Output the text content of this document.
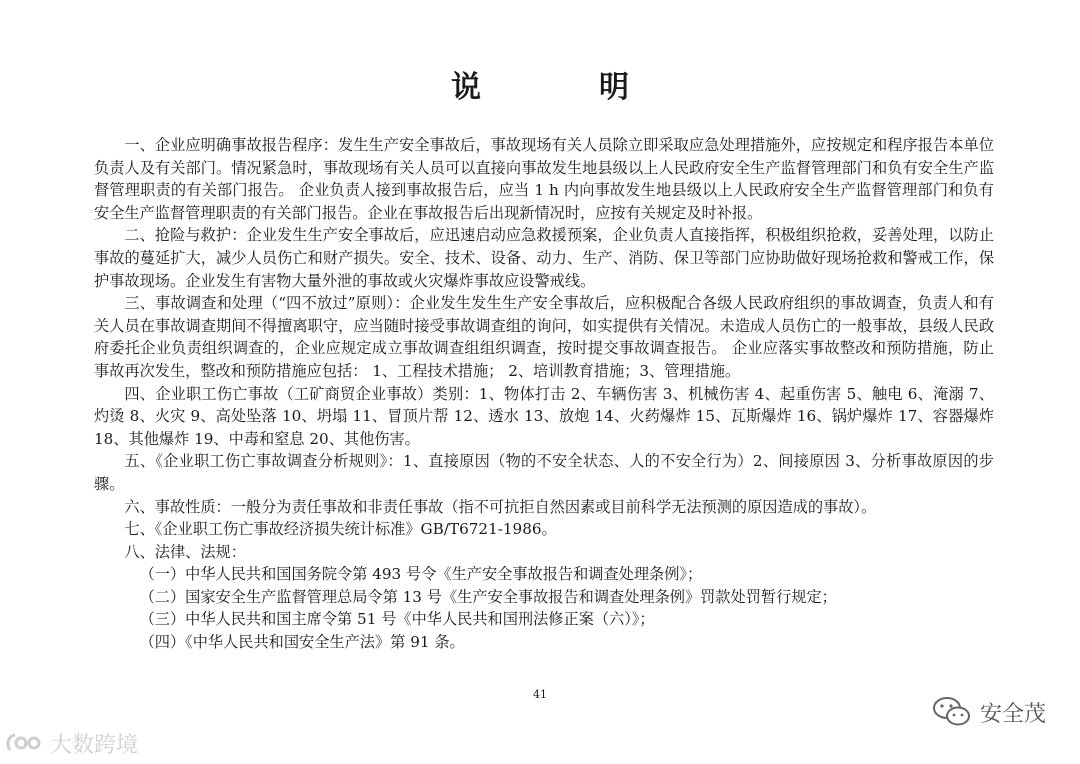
说　明

一、企业应明确事故报告程序：发生生产安全事故后，事故现场有关人员除立即采取应急处理措施外，应按规定和程序报告本单位负责人及有关部门。情况紧急时，事故现场有关人员可以直接向事故发生地县级以上人民政府安全生产监督管理部门和负有安全生产监督管理职责的有关部门报告。 企业负责人接到事故报告后，应当 1 h 内向事故发生地县级以上人民政府安全生产监督管理部门和负有安全生产监督管理职责的有关部门报告。企业在事故报告后出现新情况时，应按有关规定及时补报。

二、抢险与救护：企业发生生产安全事故后，应迅速启动应急救援预案，企业负责人直接指挥，积极组织抢救，妥善处理，以防止事故的蔓延扩大，减少人员伤亡和财产损失。安全、技术、设备、动力、生产、消防、保卫等部门应协助做好现场抢救和警戒工作，保护事故现场。企业发生有害物大量外泄的事故或火灾爆炸事故应设警戒线。

三、事故调查和处理（“四不放过”原则）：企业发生发生生产安全事故后，应积极配合各级人民政府组织的事故调查，负责人和有关人员在事故调查期间不得擅离职守，应当随时接受事故调查组的询问，如实提供有关情况。未造成人员伤亡的一般事故，县级人民政府委托企业负责组织调查的，企业应规定成立事故调查组组织调查，按时提交事故调查报告。 企业应落实事故整改和预防措施，防止事故再次发生，整改和预防措施应包括： 1、工程技术措施； 2、培训教育措施；3、管理措施。

四、企业职工伤亡事故（工矿商贸企业事故）类别：1、物体打击 2、车辆伤害 3、机械伤害 4、起重伤害 5、触电 6、淹溺 7、灼烫 8、火灾 9、高处坠落 10、坍塌 11、冒顶片帮 12、透水 13、放炮 14、火药爆炸 15、瓦斯爆炸 16、锅炉爆炸 17、容器爆炸 18、其他爆炸 19、中毒和窒息 20、其他伤害。

五、《企业职工伤亡事故调查分析规则》：1、直接原因（物的不安全状态、人的不安全行为）2、间接原因 3、分析事故原因的步骤。

六、事故性质：一般分为责任事故和非责任事故（指不可抗拒自然因素或目前科学无法预测的原因造成的事故）。

七、《企业职工伤亡事故经济损失统计标准》GB/T6721-1986。

八、法律、法规：

（一）中华人民共和国国务院令第 493 号令《生产安全事故报告和调查处理条例》；

（二）国家安全生产监督管理总局令第 13 号《生产安全事故报告和调查处理条例》罚款处罚暂行规定；

（三）中华人民共和国主席令第 51 号《中华人民共和国刑法修正案（六）》；

（四）《中华人民共和国安全生产法》第 91 条。

41
大数跨境
安全茂
